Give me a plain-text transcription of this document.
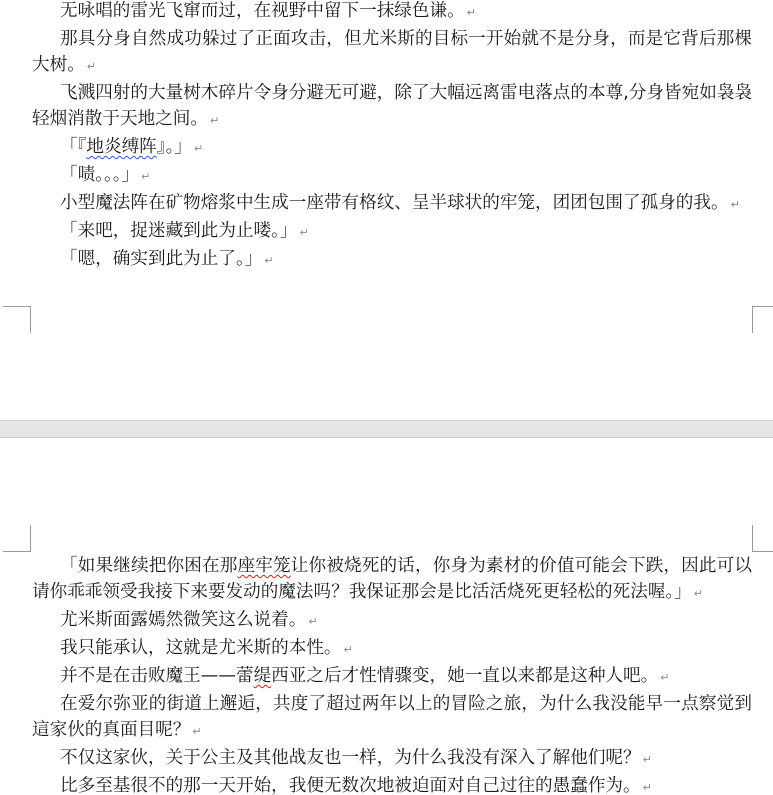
无咏唱的雷光飞窜而过，在视野中留下一抹绿色谦。 ↵

那具分身自然成功躲过了正面攻击，但尤米斯的目标一开始就不是分身，而是它背后那棵大树。 ↵

飞溅四射的大量树木碎片令身分避无可避，除了大幅远离雷电落点的本尊,分身皆宛如袅袅轻烟消散于天地之间。 ↵

「『地炎缚阵』。」 ↵

「啧。。。」 ↵

小型魔法阵在矿物熔浆中生成一座带有格纹、呈半球状的牢笼，团团包围了孤身的我。 ↵

「来吧，捉迷藏到此为止喽。」 ↵

「嗯，确实到此为止了。」 ↵

「如果继续把你困在那座牢笼让你被烧死的话，你身为素材的价值可能会下跌，因此可以请你乖乖领受我接下来要发动的魔法吗？我保证那会是比活活烧死更轻松的死法喔。」 ↵

尤米斯面露嫣然微笑这么说着。 ↵

我只能承认，这就是尤米斯的本性。 ↵

并不是在击败魔王——蕾缇西亚之后才性情骤变，她一直以来都是这种人吧。 ↵

在爱尔弥亚的街道上邂逅，共度了超过两年以上的冒险之旅，为什么我没能早一点察觉到這家伙的真面目呢？ ↵

不仅这家伙，关于公主及其他战友也一样，为什么我没有深入了解他们呢？ ↵

比多至基很不的那一天开始，我便无数次地被迫面对自己过往的愚蠢作为。 ↵
